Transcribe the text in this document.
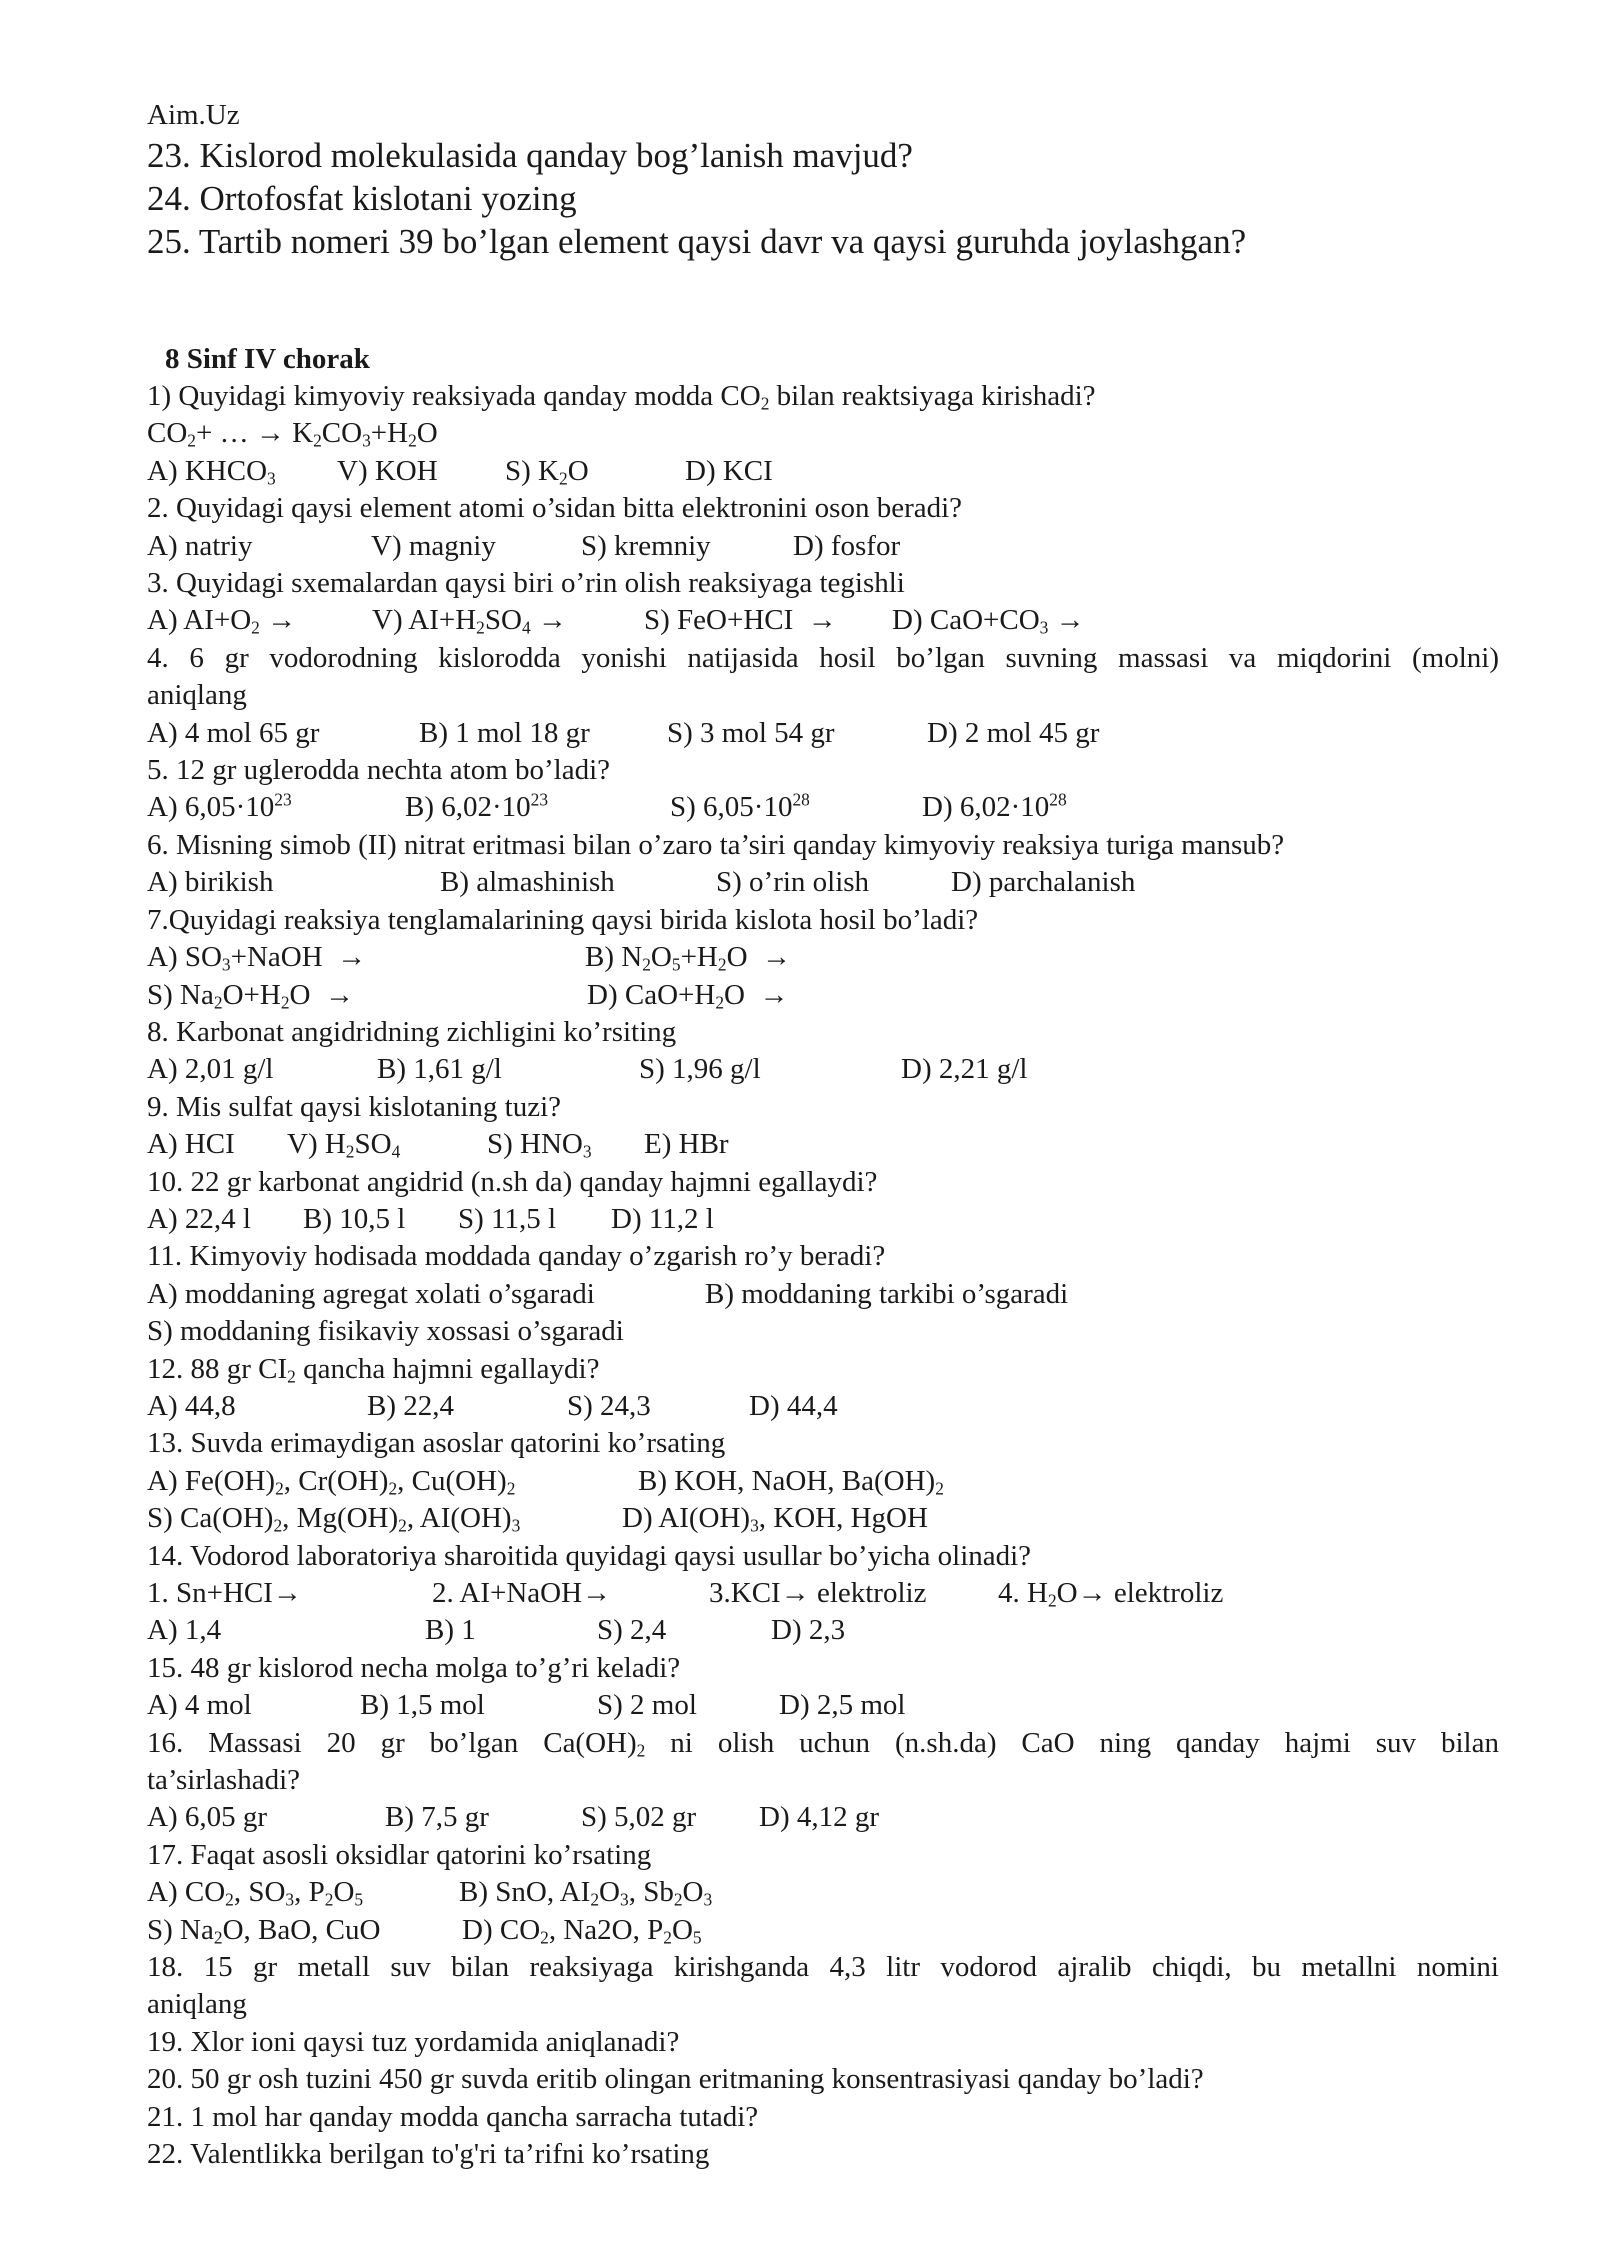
Aim.Uz
23. Kislorod molekulasida qanday bog’lanish mavjud?
24. Ortofosfat kislotani yozing
25. Tartib nomeri 39 bo’lgan element qaysi davr va qaysi guruhda joylashgan?
8 Sinf IV chorak
1) Quyidagi kimyoviy reaksiyada qanday modda $CO_2$ bilan reaktsiyaga kirishadi?
$CO_2+$ … → $K_2CO_3+H_2O$
A) $KHCO_3$ V) KOH S) $K_2O$	D) KCI
2. Quyidagi qaysi element atomi o’sidan bitta elektronini oson beradi?
A) natriy	V) magniy	S) kremniy	D) fosfor
3. Quyidagi sxemalardan qaysi biri o’rin olish reaksiyaga tegishli
A) $AI+O_2$ →	V) $AI+H_2SO_4$ →	S) FeO+HCI  → D) $CaO+CO_3$ →
4. 6 gr vodorodning kislorodda yonishi natijasida hosil bo’lgan suvning massasi va miqdorini (molni)
aniqlang
A) 4 mol 65 gr	B) 1 mol 18 gr	S) 3 mol 54 gr	D) 2 mol 45 gr
5. 12 gr uglerodda nechta atom bo’ladi?
A) $6,05\cdot 10^{23}$	B) $6,02\cdot 10^{23}$	S) $6,05\cdot 10^{28}$	D) $6,02\cdot 10^{28}$
6. Misning simob (II) nitrat eritmasi bilan o’zaro ta’siri qanday kimyoviy reaksiya turiga mansub?
A) birikish	B) almashinish	S) o’rin olish	D) parchalanish
7.Quyidagi reaksiya tenglamalarining qaysi birida kislota hosil bo’ladi?
A) $SO_3+NaOH$  →	B) $N_2O_5+H_2O$  →
S) $Na_2O+H_2O$  →	D) $CaO+H_2O$  →
8. Karbonat angidridning zichligini ko’rsiting
A) 2,01 g/l	B) 1,61 g/l	S) 1,96 g/l	D) 2,21 g/l
9. Mis sulfat qaysi kislotaning tuzi?
A) HCI V) $H_2SO_4$	S) $HNO_3$ E) HBr
10. 22 gr karbonat angidrid (n.sh da) qanday hajmni egallaydi?
A) 22,4 l B) 10,5 l S) 11,5 l D) 11,2 l
11. Kimyoviy hodisada moddada qanday o’zgarish ro’y beradi?
A) moddaning agregat xolati o’sgaradi	B) moddaning tarkibi o’sgaradi
S) moddaning fisikaviy xossasi o’sgaradi
12. 88 gr $CI_2$ qancha hajmni egallaydi?
A) 44,8	B) 22,4	S) 24,3	D) 44,4
13. Suvda erimaydigan asoslar qatorini ko’rsating
A) $Fe(OH)_2$, $Cr(OH)_2$, $Cu(OH)_2$	B) KOH, NaOH, $Ba(OH)_2$
S) $Ca(OH)_2$, $Mg(OH)_2$, $AI(OH)_3$	D) $AI(OH)_3$, KOH, HgOH
14. Vodorod laboratoriya sharoitida quyidagi qaysi usullar bo’yicha olinadi?
1. Sn+HCI→	2. AI+NaOH→	3.KCI→ elektroliz 4. $H_2O\to$ elektroliz
A) 1,4	B) 1	S) 2,4	D) 2,3
15. 48 gr kislorod necha molga to’g’ri keladi?
A) 4 mol	B) 1,5 mol	S) 2 mol	D) 2,5 mol
16. Massasi 20 gr bo’lgan $Ca(OH)_2$ ni olish uchun (n.sh.da) CaO ning qanday hajmi suv bilan
ta’sirlashadi?
A) 6,05 gr	B) 7,5 gr	S) 5,02 gr D) 4,12 gr
17. Faqat asosli oksidlar qatorini ko’rsating
A) $CO_2$, $SO_3$, $P_2O_5$	B) SnO, $AI_2O_3$, $Sb_2O_3$
S) $Na_2O$, BaO, CuO	D) $CO_2$, Na2O, $P_2O_5$
18. 15 gr metall suv bilan reaksiyaga kirishganda 4,3 litr vodorod ajralib chiqdi, bu metallni nomini
aniqlang
19. Xlor ioni qaysi tuz yordamida aniqlanadi?
20. 50 gr osh tuzini 450 gr suvda eritib olingan eritmaning konsentrasiyasi qanday bo’ladi?
21. 1 mol har qanday modda qancha sarracha tutadi?
22. Valentlikka berilgan to'g'ri ta’rifni ko’rsating
